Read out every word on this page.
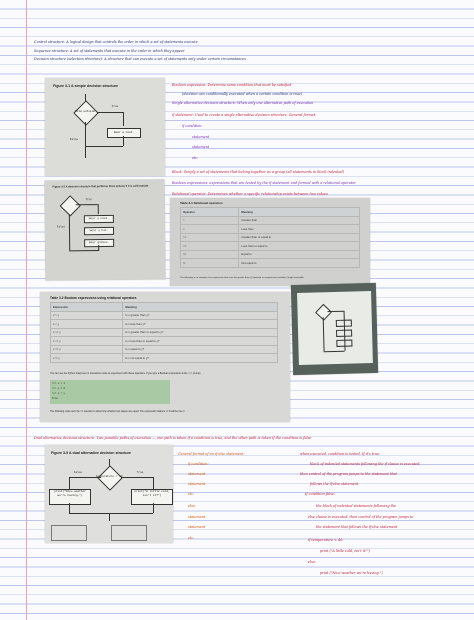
Control structure: A logical design that controls the order in which a set of statements execute
Sequence structure: A set of statements that execute in the order in which they appear
Decision structure (selection structure): A structure that can execute a set of statements only under certain circumstances
Figure 3-1 A simple decision structure
Cold outside
True
Wear a coat.
False
Boolean expression: Determine some condition that must be satisfied
(decision can conditionally executed when a certain condition is true)
Single alternative decision structure: When only one alternative path of execution
if statement: Used to create a single alternative decision structure. General format:
if condition:
statement
statement
etc.
Block: Simply a set of statements that belong together as a group (all statements in block indented)
Boolean expressions: expressions that are tested by the if statement and formed with a relational operator
Relational operator: Determines whether a specific relationship exists between two values
Figure 3-2 A decision structure that performs three actions if it is cold outside
True
Wear a coat.
Wear a hat.
Wear gloves.
False
Table 3-1 Relational operators
Operator	Meaning
>	Greater than
<	Less than
>=	Greater than or equal to
<=	Less than or equal to
==	Equal to
!=	Not equal to
The following is an example of an expression that uses the greater than (>) operator to compare two variables, length and width:
Table 3-2 Boolean expressions using relational operators
Expression	Meaning
x > y	Is x greater than y?
x < y	Is x less than y?
x >= y	Is x greater than or equal to y?
x <= y	Is x less than or equal to y?
x == y	Is x equal to y?
x != y	Is x not equal to y?
You can use the Python interpreter in interactive mode to experiment with these operators. If you type a Boolean expression at the >>> prompt,
>>> x = 1
>>> y = 0
>>> x > y
True
The following code uses the == operator to determine whether two values are equal. The expression balance == 0 will be true if
Dual alternative decision structure: Two possible paths of execution — one path is taken if a condition is true, and the other path is taken if the condition is false
Figure 3-5 A dual alternative decision structure
temperature < 40
False	True
print("Nice weather we're having.")
print("A little cold, isn't it?")
General format of an if-else statement:	when executed, condition is tested. If it's true:
if condition:	block of indented statements following the if clause is executed,
statement	then control of the program jumps to the statement that
statement	follows the if-else statement
etc.	If condition false:
else:	the block of indented statements following the
statement	else clause is executed, then control of the program jumps to
statement	the statement that follows the if-else statement
etc.	if temperature < 40:
print ("A little cold, isn't it?")
else:
print ("Nice weather we're having.")
